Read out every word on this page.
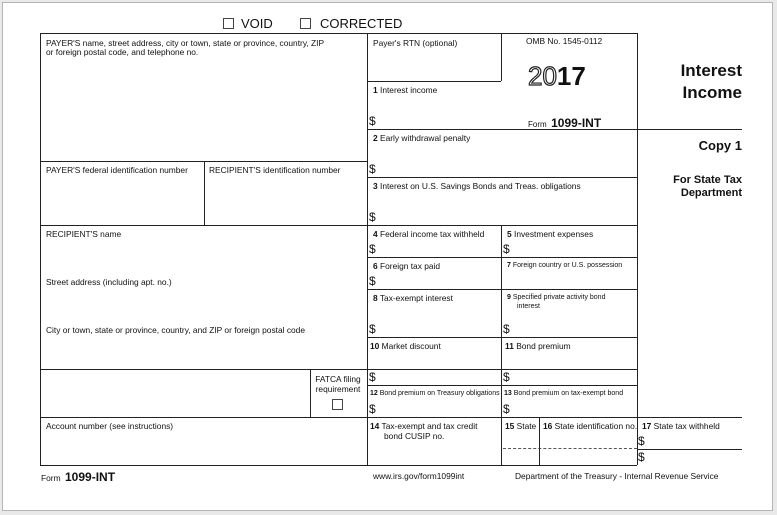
VOID	CORRECTED
PAYER'S name, street address, city or town, state or province, country, ZIP
or foreign postal code, and telephone no.
PAYER'S federal identification number	RECIPIENT'S identification number
RECIPIENT'S name
Street address (including apt. no.)
City or town, state or province, country, and ZIP or foreign postal code
FATCA filing
requirement
Account number (see instructions)
Payer's RTN (optional)	OMB No. 1545-0112
2017
Form 1099-INT
Interest
Income
Copy 1
For State Tax
Department
1 Interest income
$
2 Early withdrawal penalty
$
3 Interest on U.S. Savings Bonds and Treas. obligations
$
4 Federal income tax withheld
$
5 Investment expenses
$
6 Foreign tax paid
$
7 Foreign country or U.S. possession
8 Tax-exempt interest
$
9 Specified private activity bond
interest
$
10 Market discount
$
11 Bond premium
$
12 Bond premium on Treasury obligations
$
13 Bond premium on tax-exempt bond
$
14 Tax-exempt and tax credit
bond CUSIP no.
15 State 16 State identification no. 17 State tax withheld
$
$
Form 1099-INT	www.irs.gov/form1099int	Department of the Treasury - Internal Revenue Service
